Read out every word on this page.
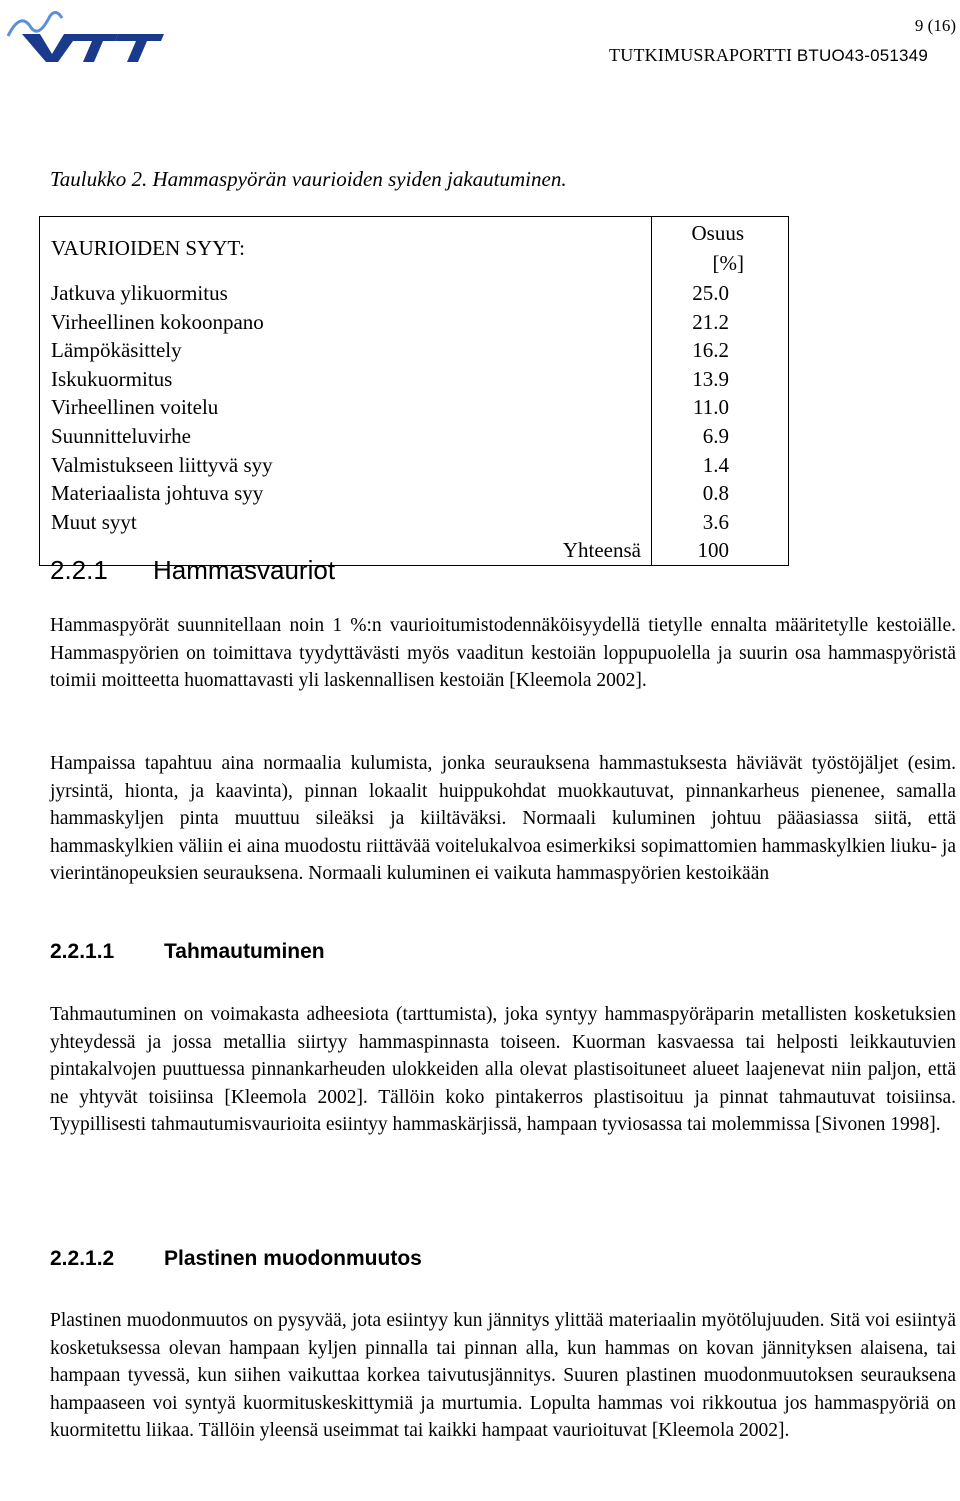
9 (16)
TUTKIMUSRAPORTTI BTUO43-051349
Taulukko 2. Hammaspyörän vaurioiden syiden jakautuminen.
VAURIOIDEN SYYT:	Osuus [%]
Jatkuva ylikuormitus	25.0
Virheellinen kokoonpano	21.2
Lämpökäsittely	16.2
Iskukuormitus	13.9
Virheellinen voitelu	11.0
Suunnitteluvirhe	6.9
Valmistukseen liittyvä syy	1.4
Materiaalista johtuva syy	0.8
Muut syyt	3.6
Yhteensä	100
2.2.1 Hammasvauriot

Hammaspyörät suunnitellaan noin 1 %:n vaurioitumistodennäköisyydellä tietylle ennalta määritetylle kestoiälle. Hammaspyörien on toimittava tyydyttävästi myös vaaditun kestoiän loppupuolella ja suurin osa hammaspyöristä toimii moitteetta huomattavasti yli laskennallisen kestoiän [Kleemola 2002].

Hampaissa tapahtuu aina normaalia kulumista, jonka seurauksena hammastuksesta häviävät työstöjäljet (esim. jyrsintä, hionta, ja kaavinta), pinnan lokaalit huippukohdat muokkautuvat, pinnankarheus pienenee, samalla hammaskyljen pinta muuttuu sileäksi ja kiiltäväksi. Normaali kuluminen johtuu pääasiassa siitä, että hammaskylkien väliin ei aina muodostu riittävää voitelukalvoa esimerkiksi sopimattomien hammaskylkien liuku- ja vierintänopeuksien seurauksena. Normaali kuluminen ei vaikuta hammaspyörien kestoikään

2.2.1.1 Tahmautuminen

Tahmautuminen on voimakasta adheesiota (tarttumista), joka syntyy hammaspyöräparin metallisten kosketuksien yhteydessä ja jossa metallia siirtyy hammaspinnasta toiseen. Kuorman kasvaessa tai helposti leikkautuvien pintakalvojen puuttuessa pinnankarheuden ulokkeiden alla olevat plastisoituneet alueet laajenevat niin paljon, että ne yhtyvät toisiinsa [Kleemola 2002]. Tällöin koko pintakerros plastisoituu ja pinnat tahmautuvat toisiinsa. Tyypillisesti tahmautumisvaurioita esiintyy hammaskärjissä, hampaan tyviosassa tai molemmissa [Sivonen 1998].

2.2.1.2 Plastinen muodonmuutos

Plastinen muodonmuutos on pysyvää, jota esiintyy kun jännitys ylittää materiaalin myötölujuuden. Sitä voi esiintyä kosketuksessa olevan hampaan kyljen pinnalla tai pinnan alla, kun hammas on kovan jännityksen alaisena, tai hampaan tyvessä, kun siihen vaikuttaa korkea taivutusjännitys. Suuren plastinen muodonmuutoksen seurauksena hampaaseen voi syntyä kuormituskeskittymiä ja murtumia. Lopulta hammas voi rikkoutua jos hammaspyöriä on kuormitettu liikaa. Tällöin yleensä useimmat tai kaikki hampaat vaurioituvat [Kleemola 2002].
